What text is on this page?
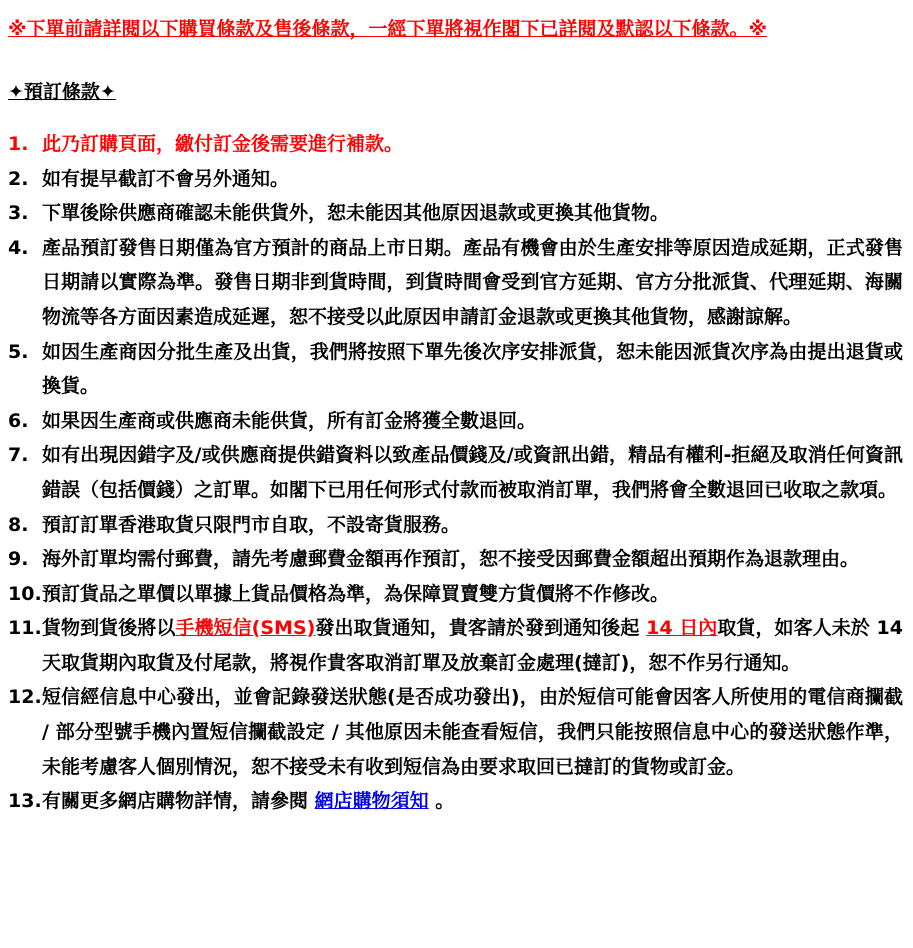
※下單前請詳閱以下購買條款及售後條款，一經下單將視作閣下已詳閱及默認以下條款。※
✦預訂條款✦
1. 此乃訂購頁面，繳付訂金後需要進行補款。
2. 如有提早截訂不會另外通知。
3. 下單後除供應商確認未能供貨外，恕未能因其他原因退款或更換其他貨物。
4. 產品預訂發售日期僅為官方預計的商品上市日期。產品有機會由於生產安排等原因造成延期，正式發售日期請以實際為準。發售日期非到貨時間，到貨時間會受到官方延期、官方分批派貨、代理延期、海關物流等各方面因素造成延遲，恕不接受以此原因申請訂金退款或更換其他貨物，感謝諒解。
5. 如因生產商因分批生產及出貨，我們將按照下單先後次序安排派貨，恕未能因派貨次序為由提出退貨或換貨。
6. 如果因生產商或供應商未能供貨，所有訂金將獲全數退回。
7. 如有出現因錯字及/或供應商提供錯資料以致產品價錢及/或資訊出錯，精品有權利-拒絕及取消任何資訊錯誤（包括價錢）之訂單。如閣下已用任何形式付款而被取消訂單，我們將會全數退回已收取之款項。
8. 預訂訂單香港取貨只限門市自取，不設寄貨服務。
9. 海外訂單均需付郵費，請先考慮郵費金額再作預訂，恕不接受因郵費金額超出預期作為退款理由。
10. 預訂貨品之單價以單據上貨品價格為準，為保障買賣雙方貨價將不作修改。
11. 貨物到貨後將以手機短信(SMS)發出取貨通知，貴客請於發到通知後起 14 日內取貨，如客人未於 14 天取貨期內取貨及付尾款，將視作貴客取消訂單及放棄訂金處理(撻訂)，恕不作另行通知。
12. 短信經信息中心發出，並會記錄發送狀態(是否成功發出)，由於短信可能會因客人所使用的電信商攔截 / 部分型號手機內置短信攔截設定 / 其他原因未能查看短信，我們只能按照信息中心的發送狀態作準，未能考慮客人個別情況，恕不接受未有收到短信為由要求取回已撻訂的貨物或訂金。
13. 有關更多網店購物詳情，請參閱 網店購物須知 。
